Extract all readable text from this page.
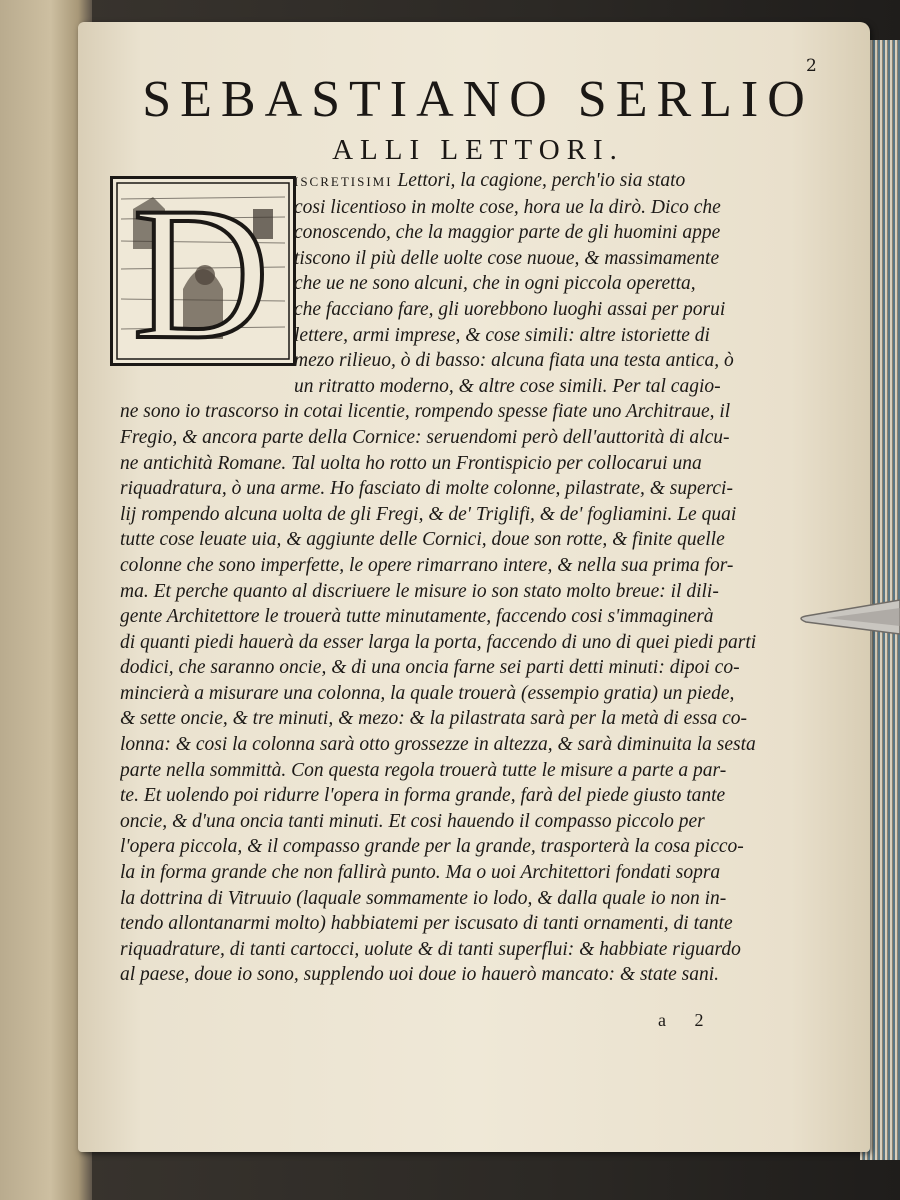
2
SEBASTIANO SERLIO
ALLI LETTORI.
D	ISCRETISIMI Lettori, la cagione, perch'io sia stato
cosi licentioso in molte cose, hora ue la dirò. Dico che
conoscendo, che la maggior parte de gli huomini appe
tiscono il più delle uolte cose nuoue, & massimamente
che ue ne sono alcuni, che in ogni piccola operetta,
che facciano fare, gli uorebbono luoghi assai per porui
lettere, armi imprese, & cose simili: altre istoriette di
mezo rilieuo, ò di basso: alcuna fiata una testa antica, ò
un ritratto moderno, & altre cose simili. Per tal cagio-
ne sono io trascorso in cotai licentie, rompendo spesse fiate uno Architraue, il
Fregio, & ancora parte della Cornice: seruendomi però dell'auttorità di alcu-
ne antichità Romane. Tal uolta ho rotto un Frontispicio per collocarui una
riquadratura, ò una arme. Ho fasciato di molte colonne, pilastrate, & superci-
lij rompendo alcuna uolta de gli Fregi, & de' Triglifi, & de' fogliamini. Le quai
tutte cose leuate uia, & aggiunte delle Cornici, doue son rotte, & finite quelle
colonne che sono imperfette, le opere rimarrano intere, & nella sua prima for-
ma. Et perche quanto al discriuere le misure io son stato molto breue: il dili-
gente Architettore le trouerà tutte minutamente, faccendo cosi s'immaginerà
di quanti piedi hauerà da esser larga la porta, faccendo di uno di quei piedi parti
dodici, che saranno oncie, & di una oncia farne sei parti detti minuti: dipoi co-
mincierà a misurare una colonna, la quale trouerà (essempio gratia) un piede,
& sette oncie, & tre minuti, & mezo: & la pilastrata sarà per la metà di essa co-
lonna: & cosi la colonna sarà otto grossezze in altezza, & sarà diminuita la sesta
parte nella sommittà. Con questa regola trouerà tutte le misure a parte a par-
te. Et uolendo poi ridurre l'opera in forma grande, farà del piede giusto tante
oncie, & d'una oncia tanti minuti. Et cosi hauendo il compasso piccolo per
l'opera piccola, & il compasso grande per la grande, trasporterà la cosa picco-
la in forma grande che non fallirà punto. Ma o uoi Architettori fondati sopra
la dottrina di Vitruuio (laquale sommamente io lodo, & dalla quale io non in-
tendo allontanarmi molto) habbiatemi per iscusato di tanti ornamenti, di tante
riquadrature, di tanti cartocci, uolute & di tanti superflui: & habbiate riguardo
al paese, doue io sono, supplendo uoi doue io hauerò mancato: & state sani.
a 2
